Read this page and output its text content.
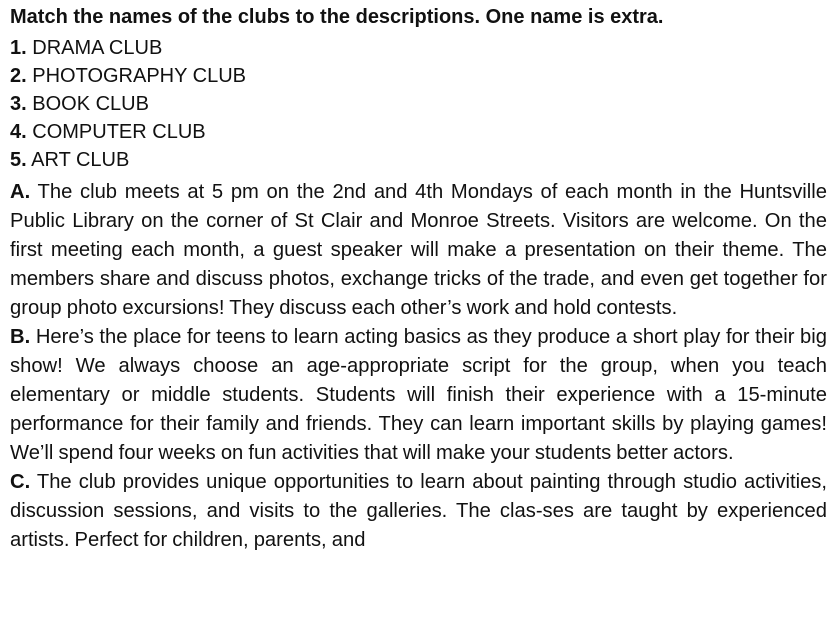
Match the names of the clubs to the descriptions. One name is extra.
1. DRAMA CLUB
2. PHOTOGRAPHY CLUB
3. BOOK CLUB
4. COMPUTER CLUB
5. ART CLUB

A. The club meets at 5 pm on the 2nd and 4th Mondays of each month in the Huntsville Public Library on the corner of St Clair and Monroe Streets. Visitors are welcome. On the first meeting each month, a guest speaker will make a presentation on their theme. The members share and discuss photos, exchange tricks of the trade, and even get together for group photo excursions! They discuss each other’s work and hold contests.

B. Here’s the place for teens to learn acting basics as they produce a short play for their big show! We always choose an age-appropriate script for the group, when you teach elementary or middle students. Students will finish their experience with a 15-minute performance for their family and friends. They can learn important skills by playing games! We’ll spend four weeks on fun activities that will make your students better actors.

C. The club provides unique opportunities to learn about painting through studio activities, discussion sessions, and visits to the galleries. The clas-ses are taught by experienced artists. Perfect for children, parents, and
